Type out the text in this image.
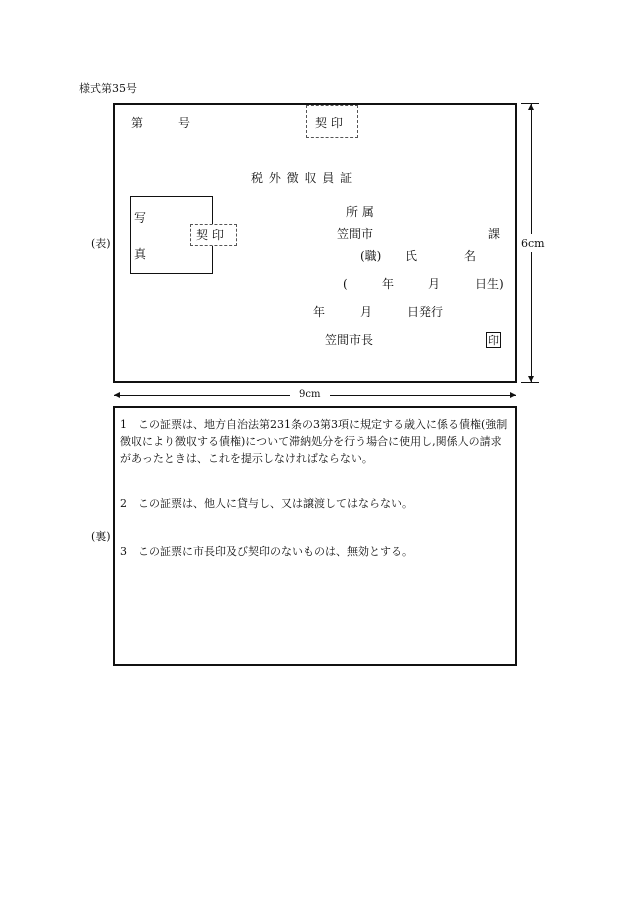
様式第35号
(表)
第	号	契 印
税 外 徴 収 員 証
写
真
契 印
所 属
笠間市	課
(職) 氏	名
(	年	月	日生)
年	月	日発行
笠間市長	印
6cm
9cm
(裏)
1　この証票は、地方自治法第231条の3第3項に規定する歳入に係る債権(強制徴収により徴収する債権)について滞納処分を行う場合に使用し,関係人の請求があったときは、これを提示しなければならない。
2　この証票は、他人に貸与し、又は譲渡してはならない。
3　この証票に市長印及び契印のないものは、無効とする。
